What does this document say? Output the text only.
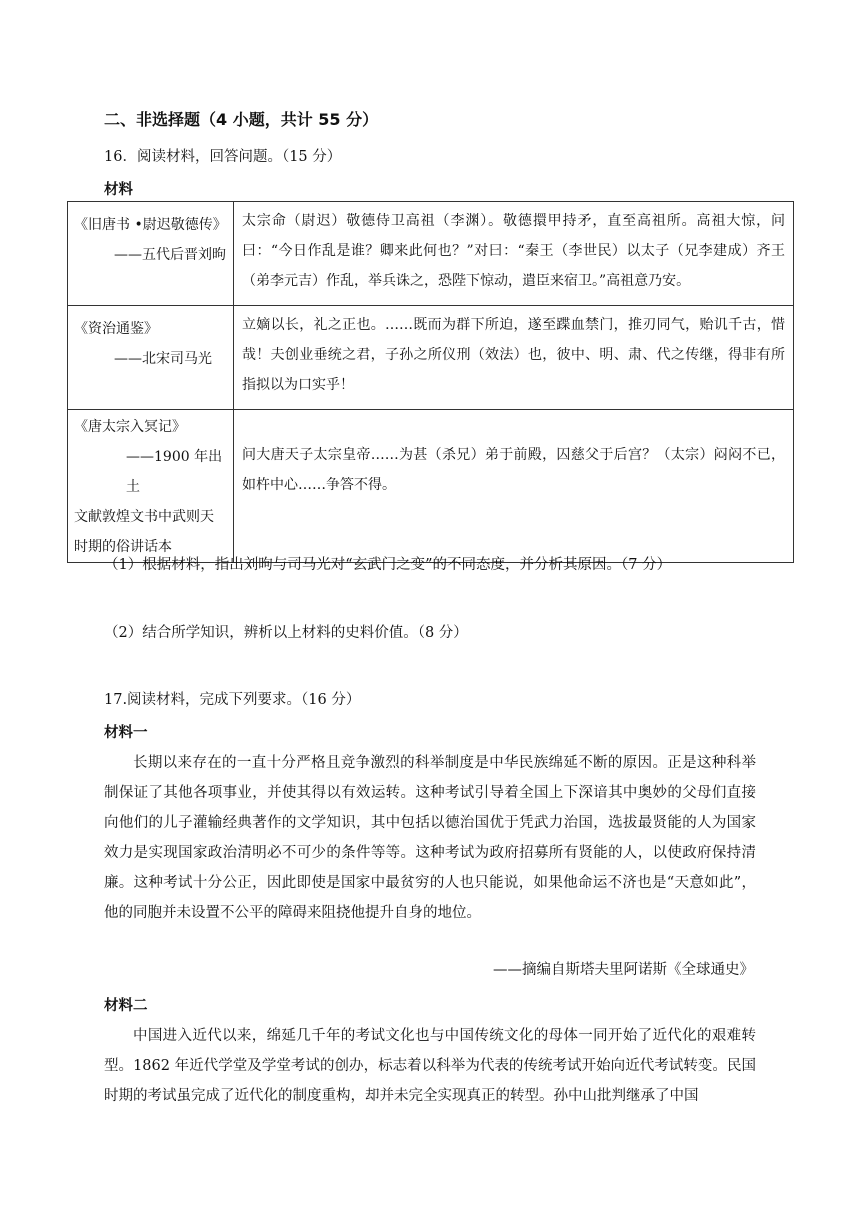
二、非选择题（4 小题，共计 55 分）
16．阅读材料，回答问题。（15 分）
材料
《旧唐书 •尉迟敬德传》
——五代后晋刘昫	太宗命（尉迟）敬德侍卫高祖（李渊）。敬德擐甲持矛，直至高祖所。高祖大惊，问曰：“今日作乱是谁？卿来此何也？”对曰：“秦王（李世民）以太子（兄李建成）齐王（弟李元吉）作乱，举兵诛之，恐陛下惊动，遣臣来宿卫。”高祖意乃安。

《资治通鉴》
——北宋司马光	立嫡以长，礼之正也。……既而为群下所迫，遂至蹀血禁门，推刃同气，贻讥千古，惜哉！夫创业垂统之君，子孙之所仪刑（效法）也，彼中、明、肃、代之传继，得非有所指拟以为口实乎！

《唐太宗入冥记》
——1900 年出土
文献敦煌文书中武则天
时期的俗讲话本	问大唐天子太宗皇帝……为甚（杀兄）弟于前殿，囚慈父于后宫？（太宗）闷闷不已，如杵中心……争答不得。
（1）根据材料，指出刘昫与司马光对“玄武门之变”的不同态度，并分析其原因。（7 分）
（2）结合所学知识，辨析以上材料的史料价值。（8 分）
17.阅读材料，完成下列要求。（16 分）
材料一
长期以来存在的一直十分严格且竞争激烈的科举制度是中华民族绵延不断的原因。正是这种科举制保证了其他各项事业，并使其得以有效运转。这种考试引导着全国上下深谙其中奥妙的父母们直接向他们的儿子灌输经典著作的文学知识，其中包括以德治国优于凭武力治国，选拔最贤能的人为国家效力是实现国家政治清明必不可少的条件等等。这种考试为政府招募所有贤能的人，以使政府保持清廉。这种考试十分公正，因此即使是国家中最贫穷的人也只能说，如果他命运不济也是“天意如此”，他的同胞并未设置不公平的障碍来阻挠他提升自身的地位。
——摘编自斯塔夫里阿诺斯《全球通史》
材料二
中国进入近代以来，绵延几千年的考试文化也与中国传统文化的母体一同开始了近代化的艰难转型。1862 年近代学堂及学堂考试的创办，标志着以科举为代表的传统考试开始向近代考试转变。民国时期的考试虽完成了近代化的制度重构，却并未完全实现真正的转型。孙中山批判继承了中国
